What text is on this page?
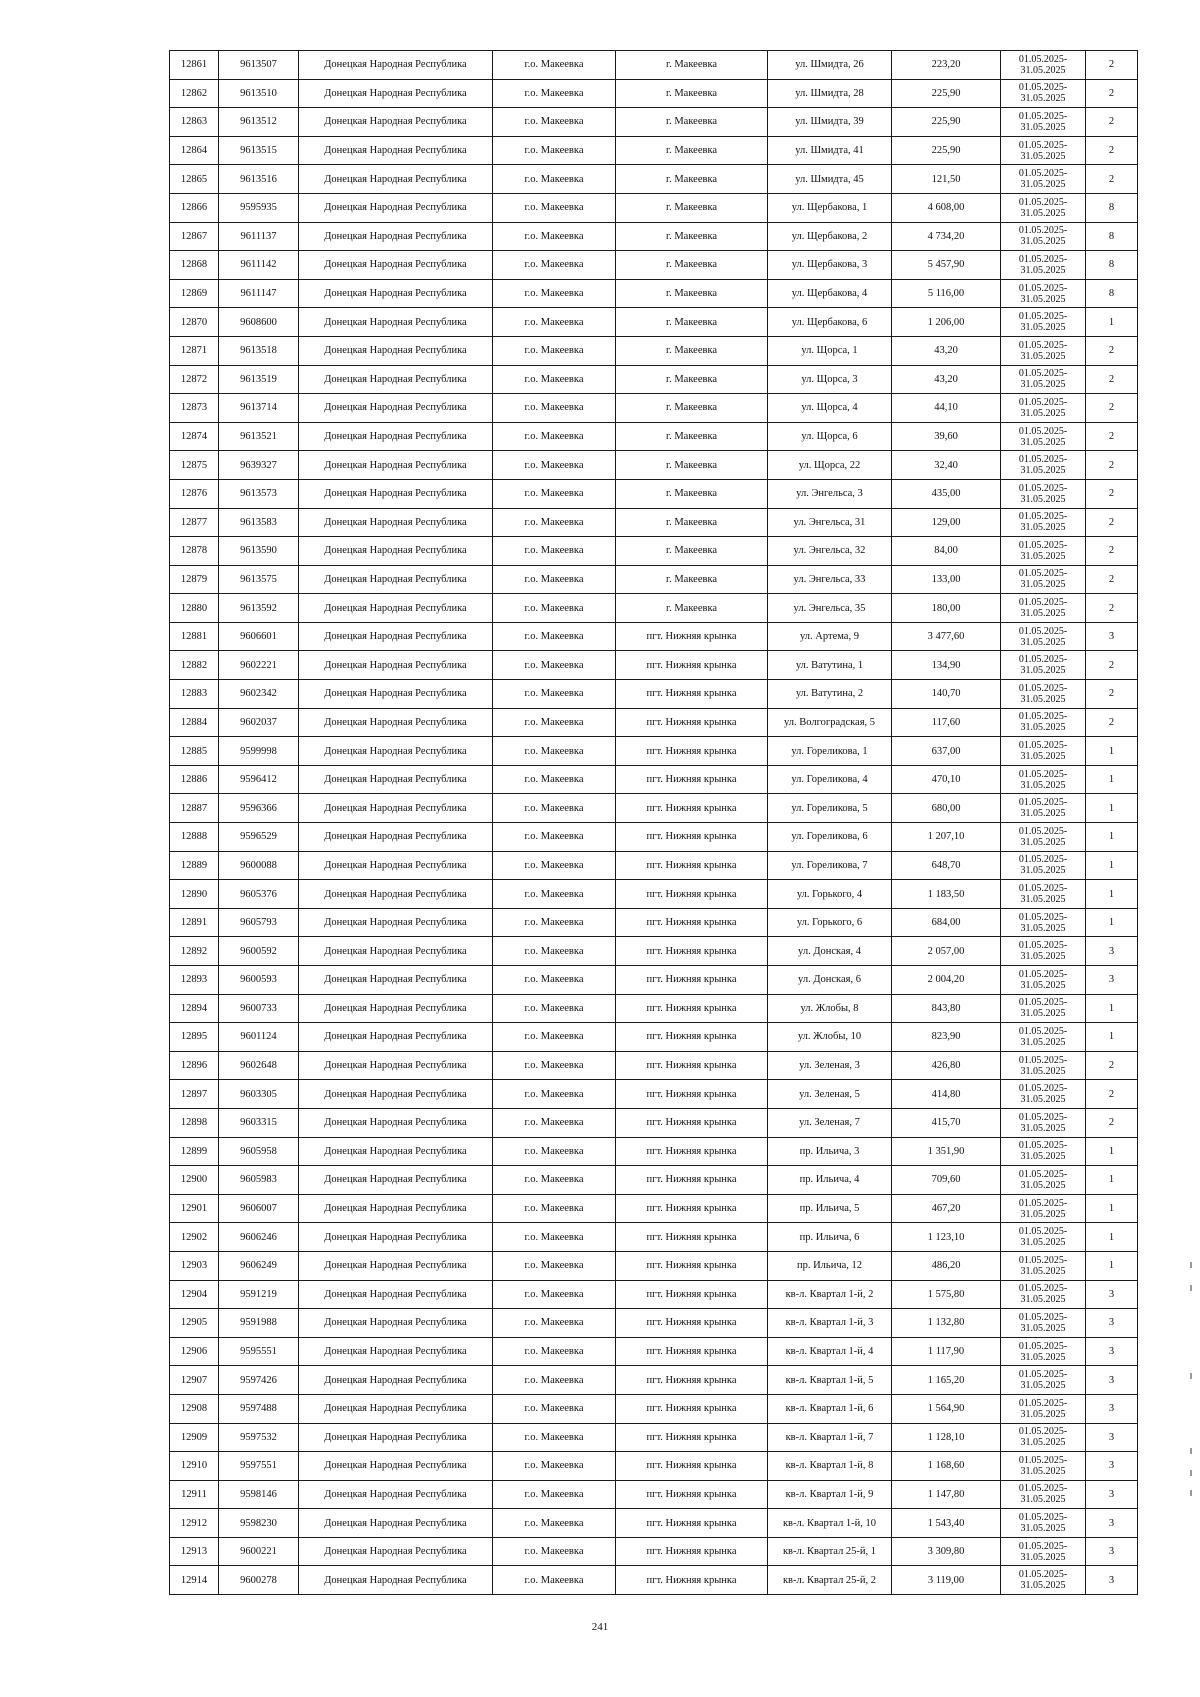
12861	9613507	Донецкая Народная Республика	г.о. Макеевка	г. Макеевка	ул. Шмидта, 26	223,20	01.05.2025-
31.05.2025	2
12862	9613510	Донецкая Народная Республика	г.о. Макеевка	г. Макеевка	ул. Шмидта, 28	225,90	01.05.2025-
31.05.2025	2
12863	9613512	Донецкая Народная Республика	г.о. Макеевка	г. Макеевка	ул. Шмидта, 39	225,90	01.05.2025-
31.05.2025	2
12864	9613515	Донецкая Народная Республика	г.о. Макеевка	г. Макеевка	ул. Шмидта, 41	225,90	01.05.2025-
31.05.2025	2
12865	9613516	Донецкая Народная Республика	г.о. Макеевка	г. Макеевка	ул. Шмидта, 45	121,50	01.05.2025-
31.05.2025	2
12866	9595935	Донецкая Народная Республика	г.о. Макеевка	г. Макеевка	ул. Щербакова, 1	4 608,00	01.05.2025-
31.05.2025	8
12867	9611137	Донецкая Народная Республика	г.о. Макеевка	г. Макеевка	ул. Щербакова, 2	4 734,20	01.05.2025-
31.05.2025	8
12868	9611142	Донецкая Народная Республика	г.о. Макеевка	г. Макеевка	ул. Щербакова, 3	5 457,90	01.05.2025-
31.05.2025	8
12869	9611147	Донецкая Народная Республика	г.о. Макеевка	г. Макеевка	ул. Щербакова, 4	5 116,00	01.05.2025-
31.05.2025	8
12870	9608600	Донецкая Народная Республика	г.о. Макеевка	г. Макеевка	ул. Щербакова, 6	1 206,00	01.05.2025-
31.05.2025	1
12871	9613518	Донецкая Народная Республика	г.о. Макеевка	г. Макеевка	ул. Щорса, 1	43,20	01.05.2025-
31.05.2025	2
12872	9613519	Донецкая Народная Республика	г.о. Макеевка	г. Макеевка	ул. Щорса, 3	43,20	01.05.2025-
31.05.2025	2
12873	9613714	Донецкая Народная Республика	г.о. Макеевка	г. Макеевка	ул. Щорса, 4	44,10	01.05.2025-
31.05.2025	2
12874	9613521	Донецкая Народная Республика	г.о. Макеевка	г. Макеевка	ул. Щорса, 6	39,60	01.05.2025-
31.05.2025	2
12875	9639327	Донецкая Народная Республика	г.о. Макеевка	г. Макеевка	ул. Щорса, 22	32,40	01.05.2025-
31.05.2025	2
12876	9613573	Донецкая Народная Республика	г.о. Макеевка	г. Макеевка	ул. Энгельса, 3	435,00	01.05.2025-
31.05.2025	2
12877	9613583	Донецкая Народная Республика	г.о. Макеевка	г. Макеевка	ул. Энгельса, 31	129,00	01.05.2025-
31.05.2025	2
12878	9613590	Донецкая Народная Республика	г.о. Макеевка	г. Макеевка	ул. Энгельса, 32	84,00	01.05.2025-
31.05.2025	2
12879	9613575	Донецкая Народная Республика	г.о. Макеевка	г. Макеевка	ул. Энгельса, 33	133,00	01.05.2025-
31.05.2025	2
12880	9613592	Донецкая Народная Республика	г.о. Макеевка	г. Макеевка	ул. Энгельса, 35	180,00	01.05.2025-
31.05.2025	2
12881	9606601	Донецкая Народная Республика	г.о. Макеевка	пгт. Нижняя крынка	ул. Артема, 9	3 477,60	01.05.2025-
31.05.2025	3
12882	9602221	Донецкая Народная Республика	г.о. Макеевка	пгт. Нижняя крынка	ул. Ватутина, 1	134,90	01.05.2025-
31.05.2025	2
12883	9602342	Донецкая Народная Республика	г.о. Макеевка	пгт. Нижняя крынка	ул. Ватутина, 2	140,70	01.05.2025-
31.05.2025	2
12884	9602037	Донецкая Народная Республика	г.о. Макеевка	пгт. Нижняя крынка	ул. Волгоградская, 5	117,60	01.05.2025-
31.05.2025	2
12885	9599998	Донецкая Народная Республика	г.о. Макеевка	пгт. Нижняя крынка	ул. Гореликова, 1	637,00	01.05.2025-
31.05.2025	1
12886	9596412	Донецкая Народная Республика	г.о. Макеевка	пгт. Нижняя крынка	ул. Гореликова, 4	470,10	01.05.2025-
31.05.2025	1
12887	9596366	Донецкая Народная Республика	г.о. Макеевка	пгт. Нижняя крынка	ул. Гореликова, 5	680,00	01.05.2025-
31.05.2025	1
12888	9596529	Донецкая Народная Республика	г.о. Макеевка	пгт. Нижняя крынка	ул. Гореликова, 6	1 207,10	01.05.2025-
31.05.2025	1
12889	9600088	Донецкая Народная Республика	г.о. Макеевка	пгт. Нижняя крынка	ул. Гореликова, 7	648,70	01.05.2025-
31.05.2025	1
12890	9605376	Донецкая Народная Республика	г.о. Макеевка	пгт. Нижняя крынка	ул. Горького, 4	1 183,50	01.05.2025-
31.05.2025	1
12891	9605793	Донецкая Народная Республика	г.о. Макеевка	пгт. Нижняя крынка	ул. Горького, 6	684,00	01.05.2025-
31.05.2025	1
12892	9600592	Донецкая Народная Республика	г.о. Макеевка	пгт. Нижняя крынка	ул. Донская, 4	2 057,00	01.05.2025-
31.05.2025	3
12893	9600593	Донецкая Народная Республика	г.о. Макеевка	пгт. Нижняя крынка	ул. Донская, 6	2 004,20	01.05.2025-
31.05.2025	3
12894	9600733	Донецкая Народная Республика	г.о. Макеевка	пгт. Нижняя крынка	ул. Жлобы, 8	843,80	01.05.2025-
31.05.2025	1
12895	9601124	Донецкая Народная Республика	г.о. Макеевка	пгт. Нижняя крынка	ул. Жлобы, 10	823,90	01.05.2025-
31.05.2025	1
12896	9602648	Донецкая Народная Республика	г.о. Макеевка	пгт. Нижняя крынка	ул. Зеленая, 3	426,80	01.05.2025-
31.05.2025	2
12897	9603305	Донецкая Народная Республика	г.о. Макеевка	пгт. Нижняя крынка	ул. Зеленая, 5	414,80	01.05.2025-
31.05.2025	2
12898	9603315	Донецкая Народная Республика	г.о. Макеевка	пгт. Нижняя крынка	ул. Зеленая, 7	415,70	01.05.2025-
31.05.2025	2
12899	9605958	Донецкая Народная Республика	г.о. Макеевка	пгт. Нижняя крынка	пр. Ильича, 3	1 351,90	01.05.2025-
31.05.2025	1
12900	9605983	Донецкая Народная Республика	г.о. Макеевка	пгт. Нижняя крынка	пр. Ильича, 4	709,60	01.05.2025-
31.05.2025	1
12901	9606007	Донецкая Народная Республика	г.о. Макеевка	пгт. Нижняя крынка	пр. Ильича, 5	467,20	01.05.2025-
31.05.2025	1
12902	9606246	Донецкая Народная Республика	г.о. Макеевка	пгт. Нижняя крынка	пр. Ильича, 6	1 123,10	01.05.2025-
31.05.2025	1
12903	9606249	Донецкая Народная Республика	г.о. Макеевка	пгт. Нижняя крынка	пр. Ильича, 12	486,20	01.05.2025-
31.05.2025	1
12904	9591219	Донецкая Народная Республика	г.о. Макеевка	пгт. Нижняя крынка	кв-л. Квартал 1-й, 2	1 575,80	01.05.2025-
31.05.2025	3
12905	9591988	Донецкая Народная Республика	г.о. Макеевка	пгт. Нижняя крынка	кв-л. Квартал 1-й, 3	1 132,80	01.05.2025-
31.05.2025	3
12906	9595551	Донецкая Народная Республика	г.о. Макеевка	пгт. Нижняя крынка	кв-л. Квартал 1-й, 4	1 117,90	01.05.2025-
31.05.2025	3
12907	9597426	Донецкая Народная Республика	г.о. Макеевка	пгт. Нижняя крынка	кв-л. Квартал 1-й, 5	1 165,20	01.05.2025-
31.05.2025	3
12908	9597488	Донецкая Народная Республика	г.о. Макеевка	пгт. Нижняя крынка	кв-л. Квартал 1-й, 6	1 564,90	01.05.2025-
31.05.2025	3
12909	9597532	Донецкая Народная Республика	г.о. Макеевка	пгт. Нижняя крынка	кв-л. Квартал 1-й, 7	1 128,10	01.05.2025-
31.05.2025	3
12910	9597551	Донецкая Народная Республика	г.о. Макеевка	пгт. Нижняя крынка	кв-л. Квартал 1-й, 8	1 168,60	01.05.2025-
31.05.2025	3
12911	9598146	Донецкая Народная Республика	г.о. Макеевка	пгт. Нижняя крынка	кв-л. Квартал 1-й, 9	1 147,80	01.05.2025-
31.05.2025	3
12912	9598230	Донецкая Народная Республика	г.о. Макеевка	пгт. Нижняя крынка	кв-л. Квартал 1-й, 10	1 543,40	01.05.2025-
31.05.2025	3
12913	9600221	Донецкая Народная Республика	г.о. Макеевка	пгт. Нижняя крынка	кв-л. Квартал 25-й, 1	3 309,80	01.05.2025-
31.05.2025	3
12914	9600278	Донецкая Народная Республика	г.о. Макеевка	пгт. Нижняя крынка	кв-л. Квартал 25-й, 2	3 119,00	01.05.2025-
31.05.2025	3
241
